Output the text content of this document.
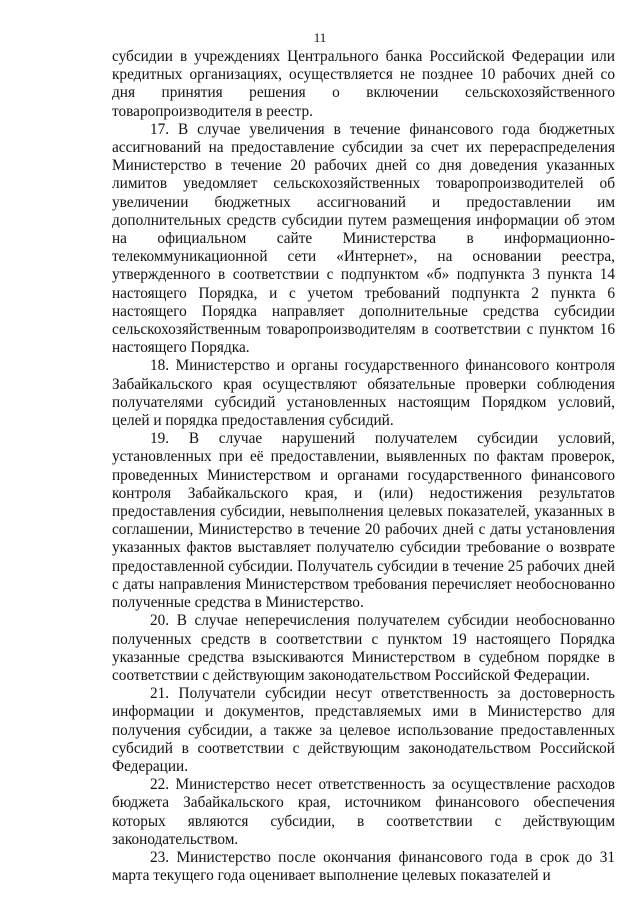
11

субсидии в учреждениях Центрального банка Российской Федерации или кредитных организациях, осуществляется не позднее 10 рабочих дней со дня принятия решения о включении сельскохозяйственного товаропроизводителя в реестр.

17. В случае увеличения в течение финансового года бюджетных ассигнований на предоставление субсидии за счет их перераспределения Министерство в течение 20 рабочих дней со дня доведения указанных лимитов уведомляет сельскохозяйственных товаропроизводителей об увеличении бюджетных ассигнований и предоставлении им дополнительных средств субсидии путем размещения информации об этом на официальном сайте Министерства в информационно-телекоммуникационной сети «Интернет», на основании реестра, утвержденного в соответствии с подпунктом «б» подпункта 3 пункта 14 настоящего Порядка, и с учетом требований подпункта 2 пункта 6 настоящего Порядка направляет дополнительные средства субсидии сельскохозяйственным товаропроизводителям в соответствии с пунктом 16 настоящего Порядка.

18. Министерство и органы государственного финансового контроля Забайкальского края осуществляют обязательные проверки соблюдения получателями субсидий установленных настоящим Порядком условий, целей и порядка предоставления субсидий.

19. В случае нарушений получателем субсидии условий, установленных при её предоставлении, выявленных по фактам проверок, проведенных Министерством и органами государственного финансового контроля Забайкальского края, и (или) недостижения результатов предоставления субсидии, невыполнения целевых показателей, указанных в соглашении, Министерство в течение 20 рабочих дней с даты установления указанных фактов выставляет получателю субсидии требование о возврате предоставленной субсидии. Получатель субсидии в течение 25 рабочих дней с даты направления Министерством требования перечисляет необоснованно полученные средства в Министерство.

20. В случае неперечисления получателем субсидии необоснованно полученных средств в соответствии с пунктом 19 настоящего Порядка указанные средства взыскиваются Министерством в судебном порядке в соответствии с действующим законодательством Российской Федерации.

21. Получатели субсидии несут ответственность за достоверность информации и документов, представляемых ими в Министерство для получения субсидии, а также за целевое использование предоставленных субсидий в соответствии с действующим законодательством Российской Федерации.

22. Министерство несет ответственность за осуществление расходов бюджета Забайкальского края, источником финансового обеспечения которых являются субсидии, в соответствии с действующим законодательством.

23. Министерство после окончания финансового года в срок до 31 марта текущего года оценивает выполнение целевых показателей и
